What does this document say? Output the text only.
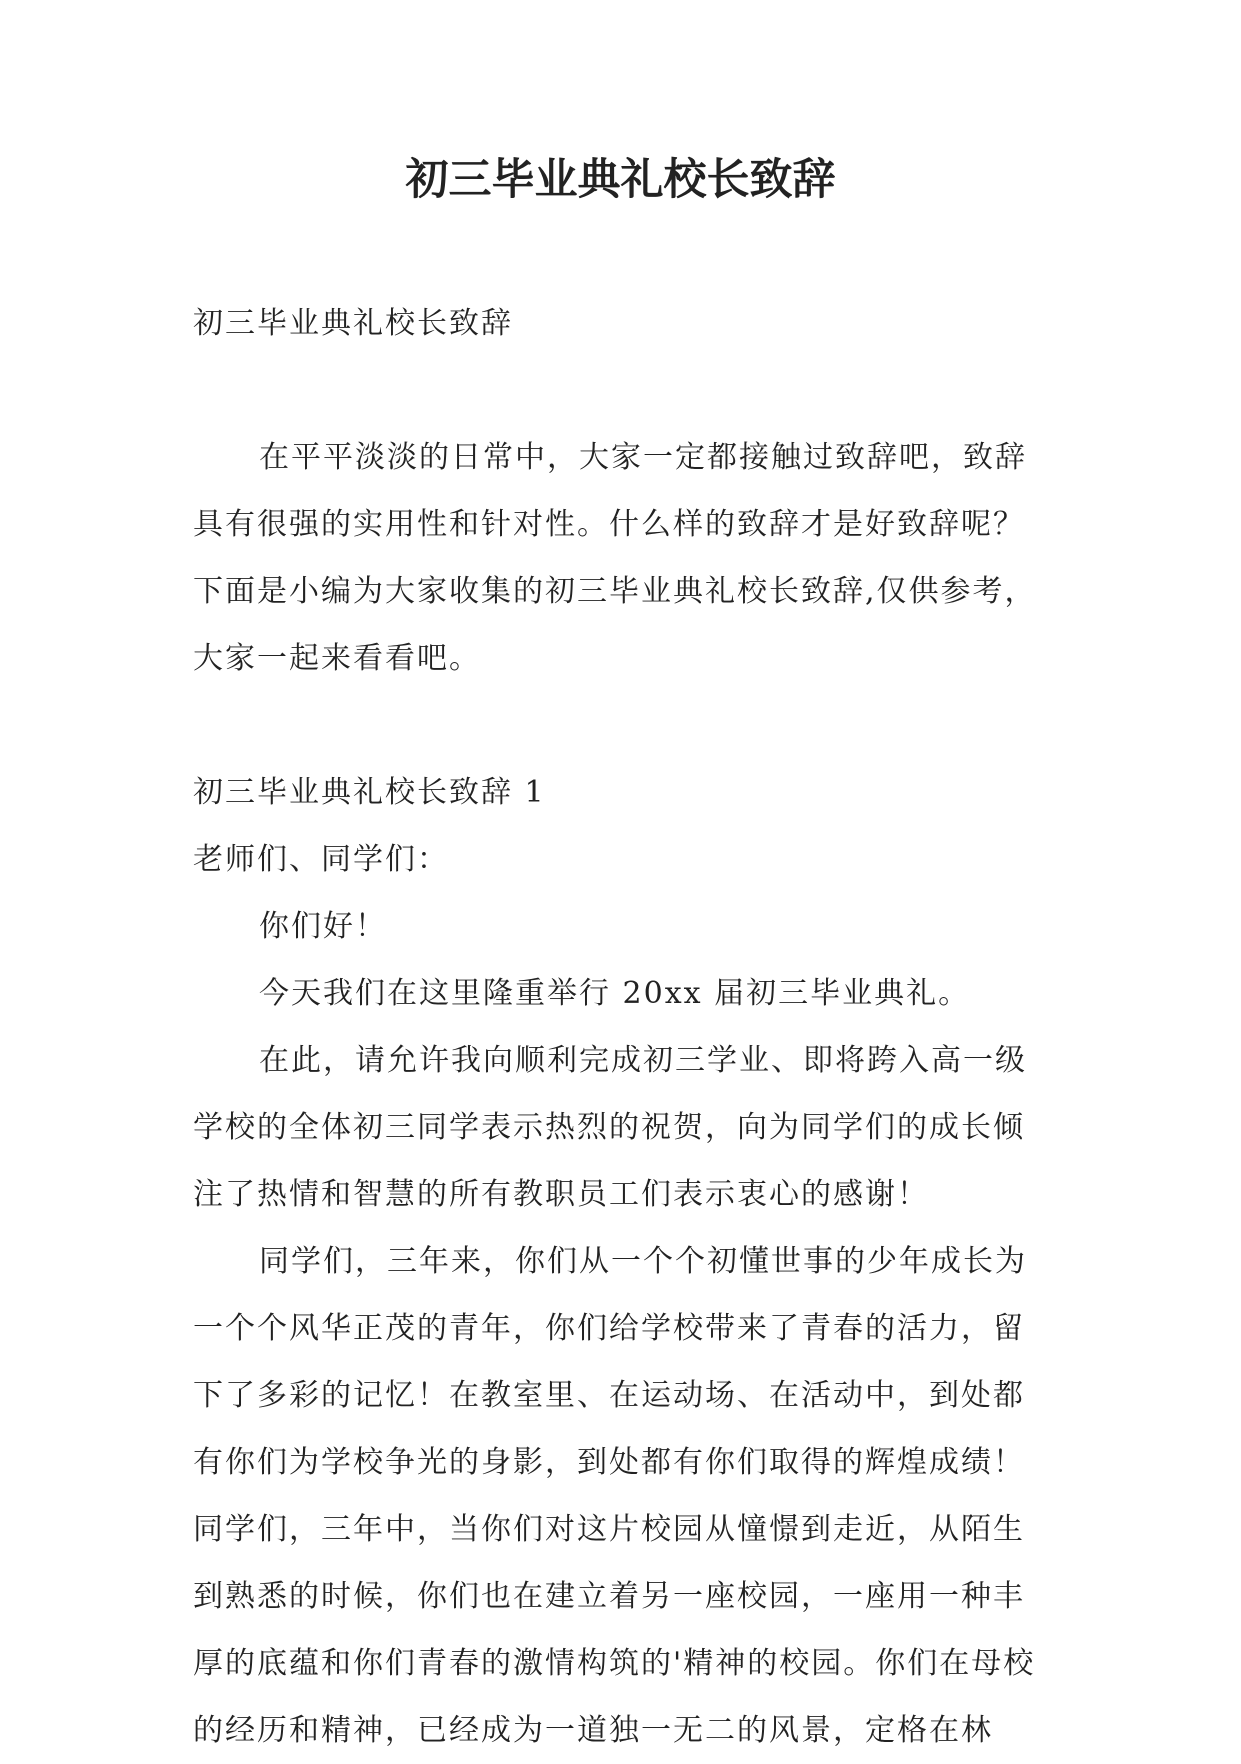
初三毕业典礼校长致辞

初三毕业典礼校长致辞

在平平淡淡的日常中，大家一定都接触过致辞吧，致辞具有很强的实用性和针对性。什么样的致辞才是好致辞呢？下面是小编为大家收集的初三毕业典礼校长致辞,仅供参考，大家一起来看看吧。

初三毕业典礼校长致辞 1

老师们、同学们：

你们好！

今天我们在这里隆重举行 20xx 届初三毕业典礼。

在此，请允许我向顺利完成初三学业、即将跨入高一级学校的全体初三同学表示热烈的祝贺，向为同学们的成长倾注了热情和智慧的所有教职员工们表示衷心的感谢！

同学们，三年来，你们从一个个初懂世事的少年成长为一个个风华正茂的青年，你们给学校带来了青春的活力，留下了多彩的记忆！在教室里、在运动场、在活动中，到处都有你们为学校争光的身影，到处都有你们取得的辉煌成绩！同学们，三年中，当你们对这片校园从憧憬到走近，从陌生到熟悉的时候，你们也在建立着另一座校园，一座用一种丰厚的底蕴和你们青春的激情构筑的'精神的校园。你们在母校的经历和精神，已经成为一道独一无二的风景，定格在林
